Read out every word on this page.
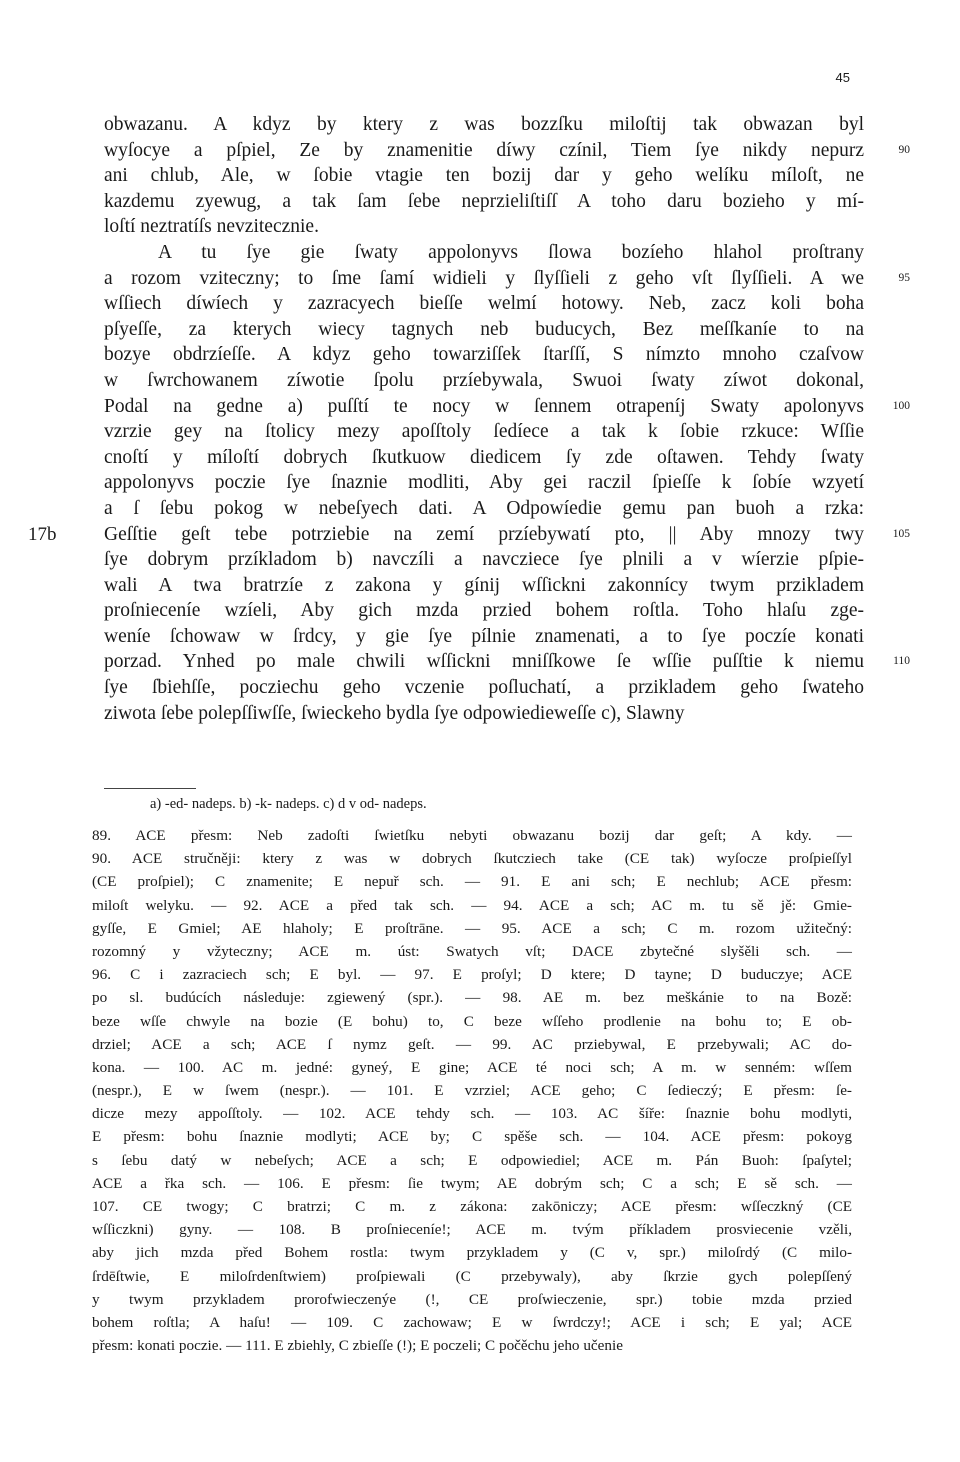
45
obwazanu. A kdyz by ktery z was bozzſku miloſtij tak obwazan byl
wyſocye a pſpiel, Ze by znamenitie díwy czínil, Tiem ſye nikdy nepurz	90
ani chlub, Ale, w ſobie vtagie ten bozij dar y geho welíku míloſt, ne
kazdemu zyewug, a tak ſam ſebe neprzieliſtiſſ A toho daru bozieho y mí-
loſtí neztratíſs nevzitecznie.
A tu ſye gie ſwaty appolonyvs ſlowa bozíeho hlahol proſtrany
a rozom vziteczny; to ſme ſamí widieli y ſlyſſieli z geho vſt ſlyſſieli. A we	95
wſſiech díwíech y zazracyech bieſſe welmí hotowy. Neb, zacz koli boha
pſyeſſe, za kterych wiecy tagnych neb buducych, Bez meſſkaníe to na
bozye obdrzíeſſe. A kdyz geho towarziſſek ſtarſſí, S nímzto mnoho czaſvow
w ſwrchowanem zíwotie ſpolu przíebywala, Swuoi ſwaty zíwot dokonal,
Podal na gedne a) puſſtí te nocy w ſennem otrapeníj Swaty apolonyvs	100
vzrzie gey na ſtolicy mezy apoſſtoly ſedíece a tak k ſobie rzkuce: Wſſie
cnoſtí y míloſtí dobrych ſkutkuow diedicem ſy zde oſtawen. Tehdy ſwaty
appolonyvs poczie ſye ſnaznie modliti, Aby gei raczil ſpieſſe k ſobíe wzyetí
a ſ ſebu pokog w nebeſyech dati. A Odpowíedie gemu pan buoh a rzka:
Geſſtie geſt tebe potrziebie na zemí przíebywatí pto, || Aby mnozy twy	105
17b
ſye dobrym przíkladom b) navczíli a navcziece ſye plnili a v wíerzie pſpie-
wali A twa bratrzíe z zakona y gínij wſſickni zakonnícy twym przikladem
proſnieceníe wzíeli, Aby gich mzda przied bohem roſtla. Toho hlaſu zge-
weníe ſchowaw w ſrdcy, y gie ſye pílnie znamenati, a to ſye poczíe konati
porzad. Ynhed po male chwili wſſickni mniſſkowe ſe wſſie puſſtie k niemu	110
ſye ſbiehſſe, pocziechu geho vczenie poſluchatí, a przikladem geho ſwateho
ziwota ſebe polepſſiwſſe, ſwieckeho bydla ſye odpowiedieweſſe c), Slawny
a) -ed- nadeps. b) -k- nadeps. c) d v od- nadeps.
89. ACE přesm: Neb zadoſti ſwietſku nebyti obwazanu bozij dar geſt; A kdy. —
90. ACE stručněji: ktery z was w dobrych ſkutcziech take (CE tak) wyſocze proſpieſſyl
(CE proſpiel); C znamenite; E nepuř sch. — 91. E ani sch; E nechlub; ACE přesm:
miloſt welyku. — 92. ACE a před tak sch. — 94. ACE a sch; AC m. tu sě jě: Gmie-
gyſſe, E Gmiel; AE hlaholy; E proſtrāne. — 95. ACE a sch; C m. rozom užitečný:
rozomný y vžyteczny; ACE m. úst: Swatych vſt; DACE zbytečné slyšěli sch. —
96. C i zazraciech sch; E byl. — 97. E proſyl; D ktere; D tayne; D buduczye; ACE
po sl. budúcích následuje: zgiewený (spr.). — 98. AE m. bez meškánie to na Bozě:
beze wſſe chwyle na bozie (E bohu) to, C beze wſſeho prodlenie na bohu to; E ob-
drziel; ACE a sch; ACE ſ nymz geſt. — 99. AC prziebywal, E przebywali; AC do-
kona. — 100. AC m. jedné: gyneý, E gine; ACE té noci sch; A m. w senném: wſſem
(nespr.), E w ſwem (nespr.). — 101. E vzrziel; ACE geho; C ſedieczý; E přesm: ſe-
dicze mezy appoſſtoly. — 102. ACE tehdy sch. — 103. AC šíře: ſnaznie bohu modlyti,
E přesm: bohu ſnaznie modlyti; ACE by; C spěše sch. — 104. ACE přesm: pokoyg
s ſebu datý w nebeſych; ACE a sch; E odpowiediel; ACE m. Pán Buoh: ſpaſytel;
ACE a řka sch. — 106. E přesm: ſie twym; AE dobrým sch; C a sch; E sě sch. —
107. CE twogy; C bratrzi; C m. z zákona: zakōniczy; ACE přesm: wſſeczkný (CE
wſſiczkni) gyny. — 108. B proſnieceníe!; ACE m. tvým příkladem prosviecenie vzěli,
aby jich mzda před Bohem rostla: twym przykladem y (C v, spr.) miloſrdý (C milo-
ſrdēſtwie, E miloſrdenſtwiem) proſpiewali (C przebywaly), aby ſkrzie gych polepſſený
y twym przykladem prorofwieczenýe (!, CE proſwieczenie, spr.) tobie mzda przied
bohem roſtla; A haſu! — 109. C zachowaw; E w ſwrdczy!; ACE i sch; E yal; ACE
přesm: konati poczie. — 111. E zbiehly, C zbieſſe (!); E poczeli; C počěchu jeho učenie
